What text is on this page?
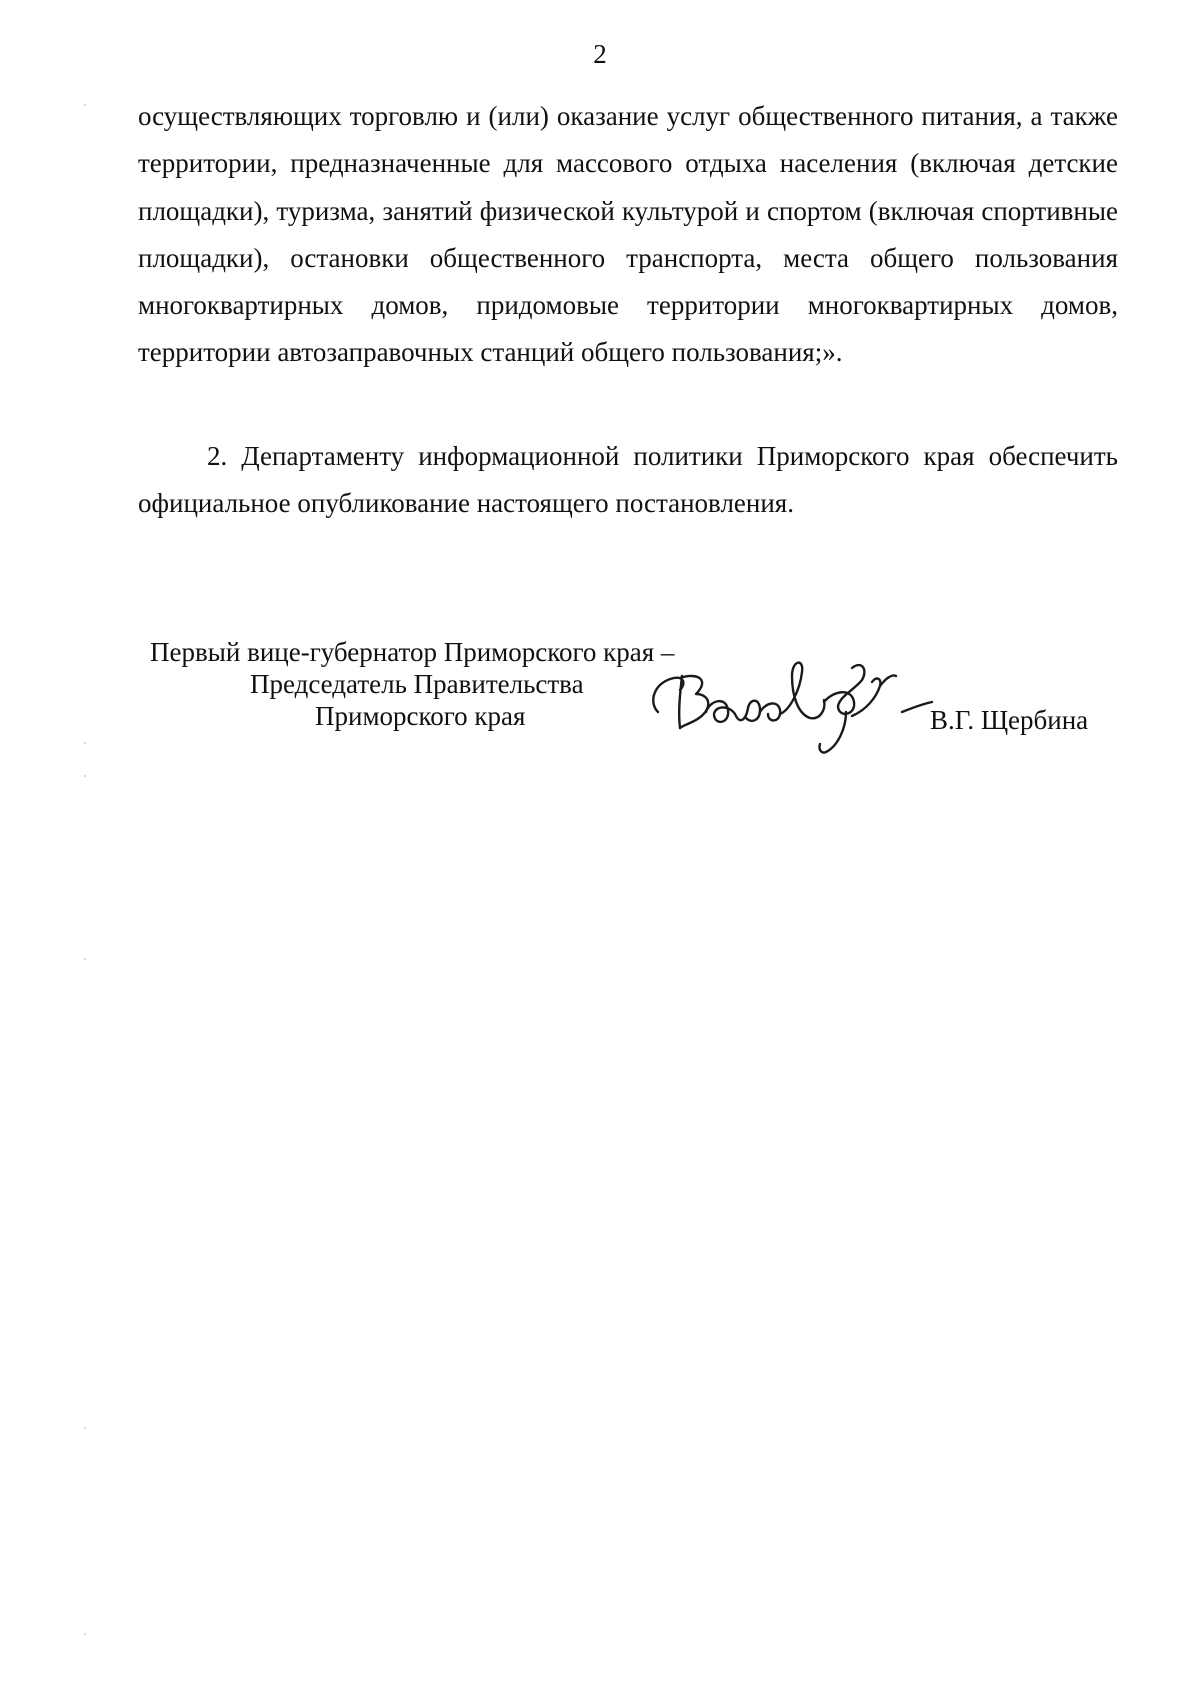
2

осуществляющих торговлю и (или) оказание услуг общественного питания, а также территории, предназначенные для массового отдыха населения (включая детские площадки), туризма, занятий физической культурой и спортом (включая спортивные площадки), остановки общественного транспорта, места общего пользования многоквартирных домов, придомовые территории многоквартирных домов, территории автозаправочных станций общего пользования;».

2. Департаменту информационной политики Приморского края обеспечить официальное опубликование настоящего постановления.

Первый вице-губернатор Приморского края –
Председатель Правительства
Приморского края	В.Г. Щербина
